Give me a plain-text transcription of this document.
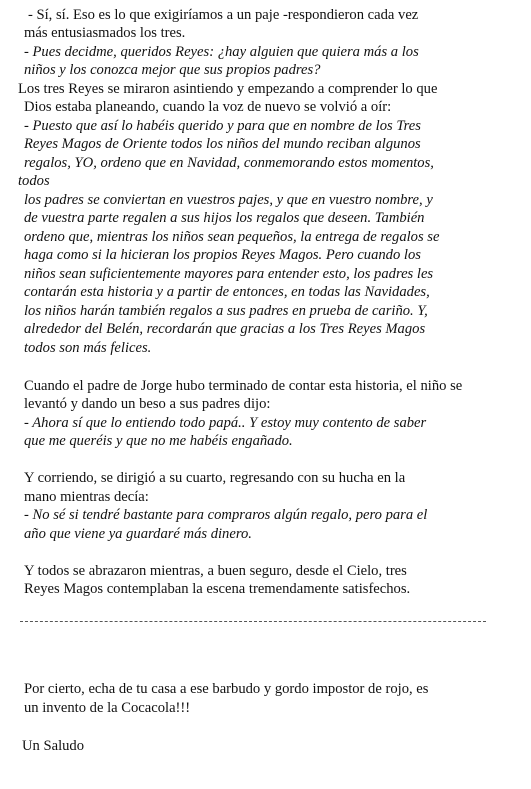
- Sí, sí. Eso es lo que exigiríamos a un paje -respondieron cada vez
más entusiasmados los tres.
- Pues decidme, queridos Reyes: ¿hay alguien que quiera más a los
niños y los conozca mejor que sus propios padres?
Los tres Reyes se miraron asintiendo y empezando a comprender lo que
Dios estaba planeando, cuando la voz de nuevo se volvió a oír:
- Puesto que así lo habéis querido y para que en nombre de los Tres
Reyes Magos de Oriente todos los niños del mundo reciban algunos
regalos, YO, ordeno que en Navidad, conmemorando estos momentos,
todos
los padres se conviertan en vuestros pajes, y que en vuestro nombre, y
de vuestra parte regalen a sus hijos los regalos que deseen. También
ordeno que, mientras los niños sean pequeños, la entrega de regalos se
haga como si la hicieran los propios Reyes Magos. Pero cuando los
niños sean suficientemente mayores para entender esto, los padres les
contarán esta historia y a partir de entonces, en todas las Navidades,
los niños harán también regalos a sus padres en prueba de cariño. Y,
alrededor del Belén, recordarán que gracias a los Tres Reyes Magos
todos son más felices.
Cuando el padre de Jorge hubo terminado de contar esta historia, el niño se
levantó y dando un beso a sus padres dijo:
- Ahora sí que lo entiendo todo papá.. Y estoy muy contento de saber
que me queréis y que no me habéis engañado.
Y corriendo, se dirigió a su cuarto, regresando con su hucha en la
mano mientras decía:
- No sé si tendré bastante para compraros algún regalo, pero para el
año que viene ya guardaré más dinero.
Y todos se abrazaron mientras, a buen seguro, desde el Cielo, tres
Reyes Magos contemplaban la escena tremendamente satisfechos.
Por cierto, echa de tu casa a ese barbudo y gordo impostor de rojo, es
un invento de la Cocacola!!!
Un Saludo
